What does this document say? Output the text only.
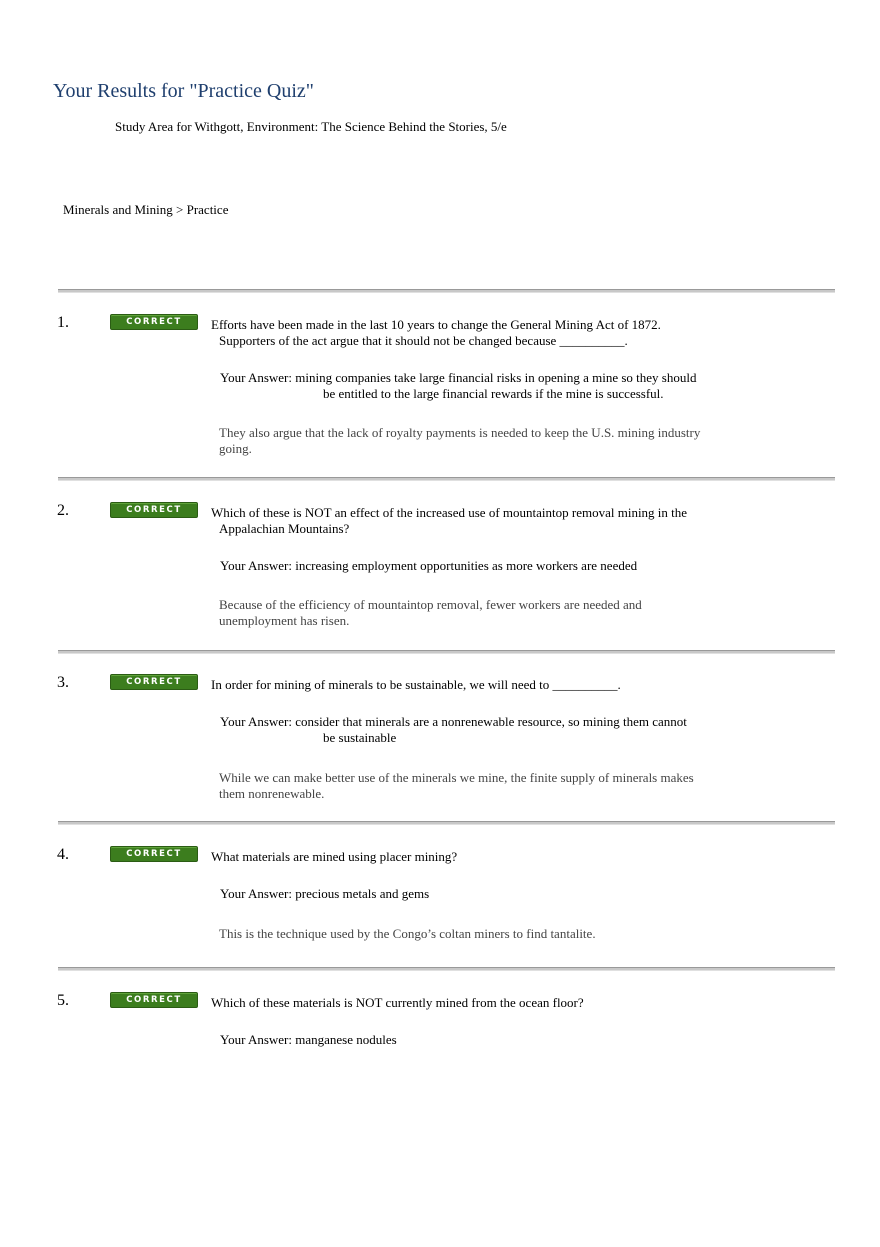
Your Results for "Practice Quiz"
Study Area for Withgott, Environment: The Science Behind the Stories, 5/e
Minerals and Mining > Practice
1.	CORRECT	Efforts have been made in the last 10 years to change the General Mining Act of 1872.
Supporters of the act argue that it should not be changed because __________.
Your Answer: mining companies take large financial risks in opening a mine so they should
be entitled to the large financial rewards if the mine is successful.
They also argue that the lack of royalty payments is needed to keep the U.S. mining industry going.
2.	CORRECT	Which of these is NOT an effect of the increased use of mountaintop removal mining in the
Appalachian Mountains?
Your Answer: increasing employment opportunities as more workers are needed
Because of the efficiency of mountaintop removal, fewer workers are needed and unemployment has risen.
3.	CORRECT	In order for mining of minerals to be sustainable, we will need to __________.
Your Answer: consider that minerals are a nonrenewable resource, so mining them cannot
be sustainable
While we can make better use of the minerals we mine, the finite supply of minerals makes them nonrenewable.
4.	CORRECT	What materials are mined using placer mining?
Your Answer: precious metals and gems
This is the technique used by the Congo’s coltan miners to find tantalite.
5.	CORRECT	Which of these materials is NOT currently mined from the ocean floor?
Your Answer: manganese nodules
